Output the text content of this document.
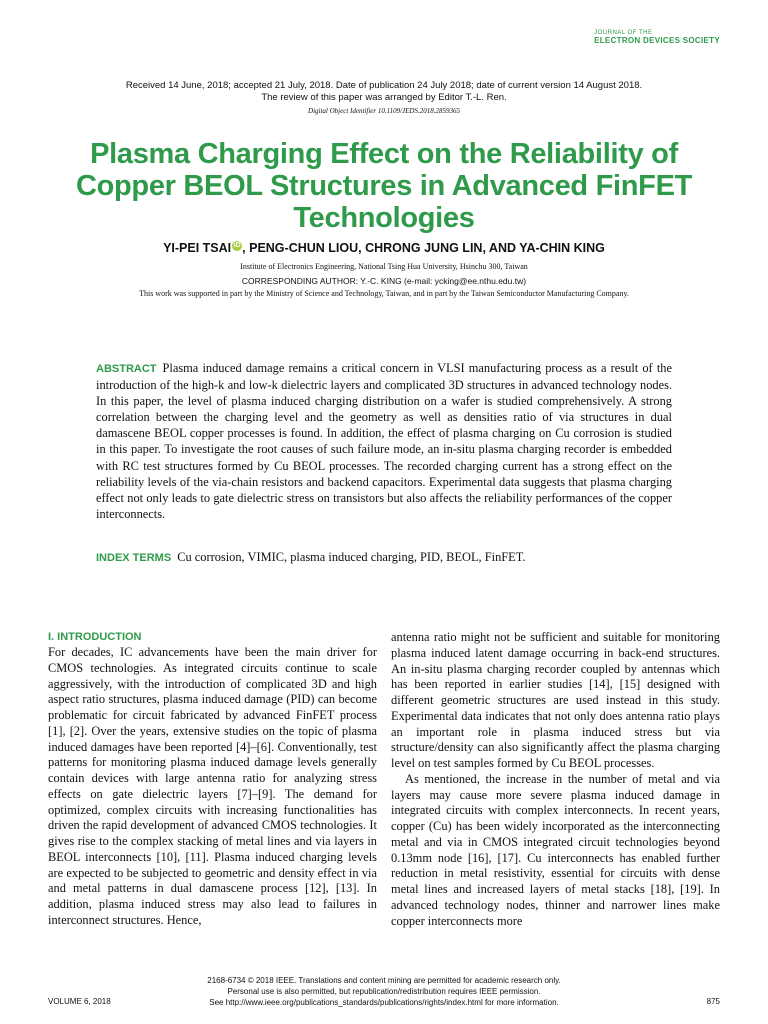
JOURNAL OF THE
ELECTRON DEVICES SOCIETY
Received 14 June, 2018; accepted 21 July, 2018. Date of publication 24 July 2018; date of current version 14 August 2018.
The review of this paper was arranged by Editor T.-L. Ren.
Digital Object Identifier 10.1109/JEDS.2018.2859365
Plasma Charging Effect on the Reliability of Copper BEOL Structures in Advanced FinFET Technologies
YI-PEI TSAI iD , PENG-CHUN LIOU, CHRONG JUNG LIN, AND YA-CHIN KING
Institute of Electronics Engineering, National Tsing Hua University, Hsinchu 300, Taiwan
CORRESPONDING AUTHOR: Y.-C. KING (e-mail: ycking@ee.nthu.edu.tw)
This work was supported in part by the Ministry of Science and Technology, Taiwan, and in part by the Taiwan Semiconductor Manufacturing Company.
ABSTRACT Plasma induced damage remains a critical concern in VLSI manufacturing process as a result of the introduction of the high-k and low-k dielectric layers and complicated 3D structures in advanced technology nodes. In this paper, the level of plasma induced charging distribution on a wafer is studied comprehensively. A strong correlation between the charging level and the geometry as well as densities ratio of via structures in dual damascene BEOL copper processes is found. In addition, the effect of plasma charging on Cu corrosion is studied in this paper. To investigate the root causes of such failure mode, an in-situ plasma charging recorder is embedded with RC test structures formed by Cu BEOL processes. The recorded charging current has a strong effect on the reliability levels of the via-chain resistors and backend capacitors. Experimental data suggests that plasma charging effect not only leads to gate dielectric stress on transistors but also affects the reliability performances of the copper interconnects.
INDEX TERMS Cu corrosion, VIMIC, plasma induced charging, PID, BEOL, FinFET.
I. INTRODUCTION

For decades, IC advancements have been the main driver for CMOS technologies. As integrated circuits continue to scale aggressively, with the introduction of complicated 3D and high aspect ratio structures, plasma induced damage (PID) can become problematic for circuit fabricated by advanced FinFET process [1], [2]. Over the years, extensive studies on the topic of plasma induced damages have been reported [4]–[6]. Conventionally, test patterns for monitoring plasma induced damage levels generally contain devices with large antenna ratio for analyzing stress effects on gate dielectric layers [7]–[9]. The demand for optimized, complex circuits with increasing functionalities has driven the rapid development of advanced CMOS technologies. It gives rise to the complex stacking of metal lines and via layers in BEOL interconnects [10], [11]. Plasma induced charging levels are expected to be subjected to geometric and density effect in via and metal patterns in dual damascene process [12], [13]. In addition, plasma induced stress may also lead to failures in interconnect structures. Hence,

antenna ratio might not be sufficient and suitable for monitoring plasma induced latent damage occurring in back-end structures. An in-situ plasma charging recorder coupled by antennas which has been reported in earlier studies [14], [15] designed with different geometric structures are used instead in this study. Experimental data indicates that not only does antenna ratio plays an important role in plasma induced stress but via structure/density can also significantly affect the plasma charging level on test samples formed by Cu BEOL processes.

As mentioned, the increase in the number of metal and via layers may cause more severe plasma induced damage in integrated circuits with complex interconnects. In recent years, copper (Cu) has been widely incorporated as the interconnecting metal and via in CMOS integrated circuit technologies beyond 0.13mm node [16], [17]. Cu interconnects has enabled further reduction in metal resistivity, essential for circuits with dense metal lines and increased layers of metal stacks [18], [19]. In advanced technology nodes, thinner and narrower lines make copper interconnects more

2168-6734 © 2018 IEEE. Translations and content mining are permitted for academic research only.
Personal use is also permitted, but republication/redistribution requires IEEE permission.
See http://www.ieee.org/publications_standards/publications/rights/index.html for more information.
VOLUME 6, 2018	875
